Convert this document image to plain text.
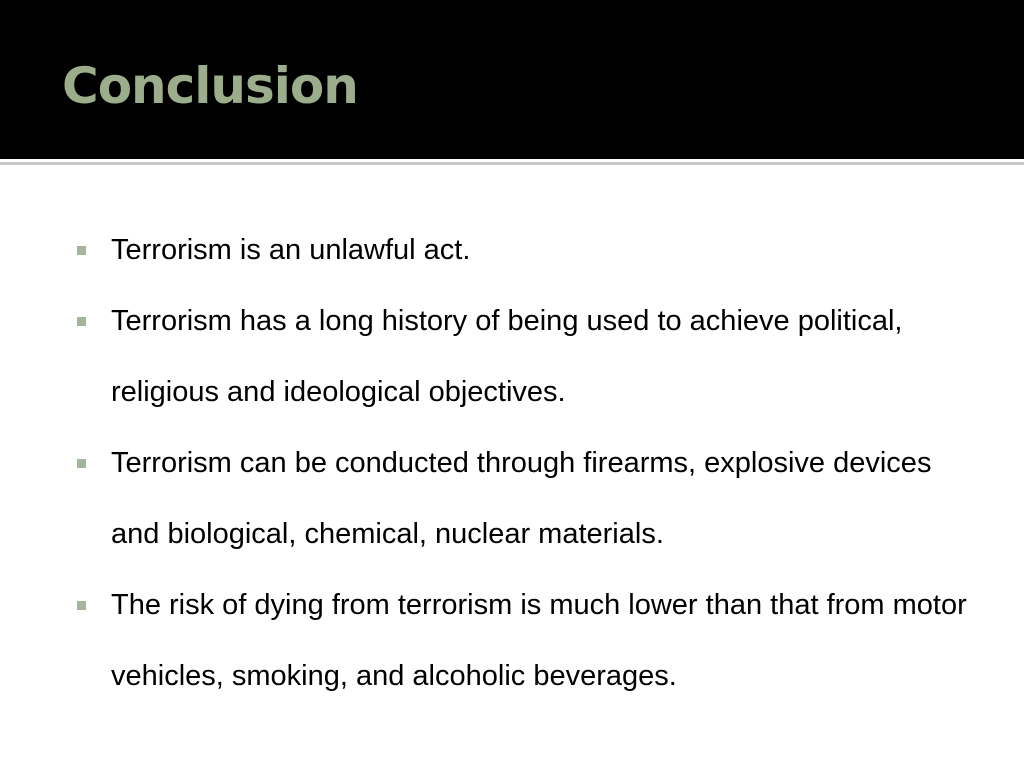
Conclusion
Terrorism is an unlawful act.
Terrorism has a long history of being used to achieve political, religious and ideological objectives.
Terrorism can be conducted through firearms, explosive devices and biological, chemical, nuclear materials.
The risk of dying from terrorism is much lower than that from motor vehicles, smoking, and alcoholic beverages.
